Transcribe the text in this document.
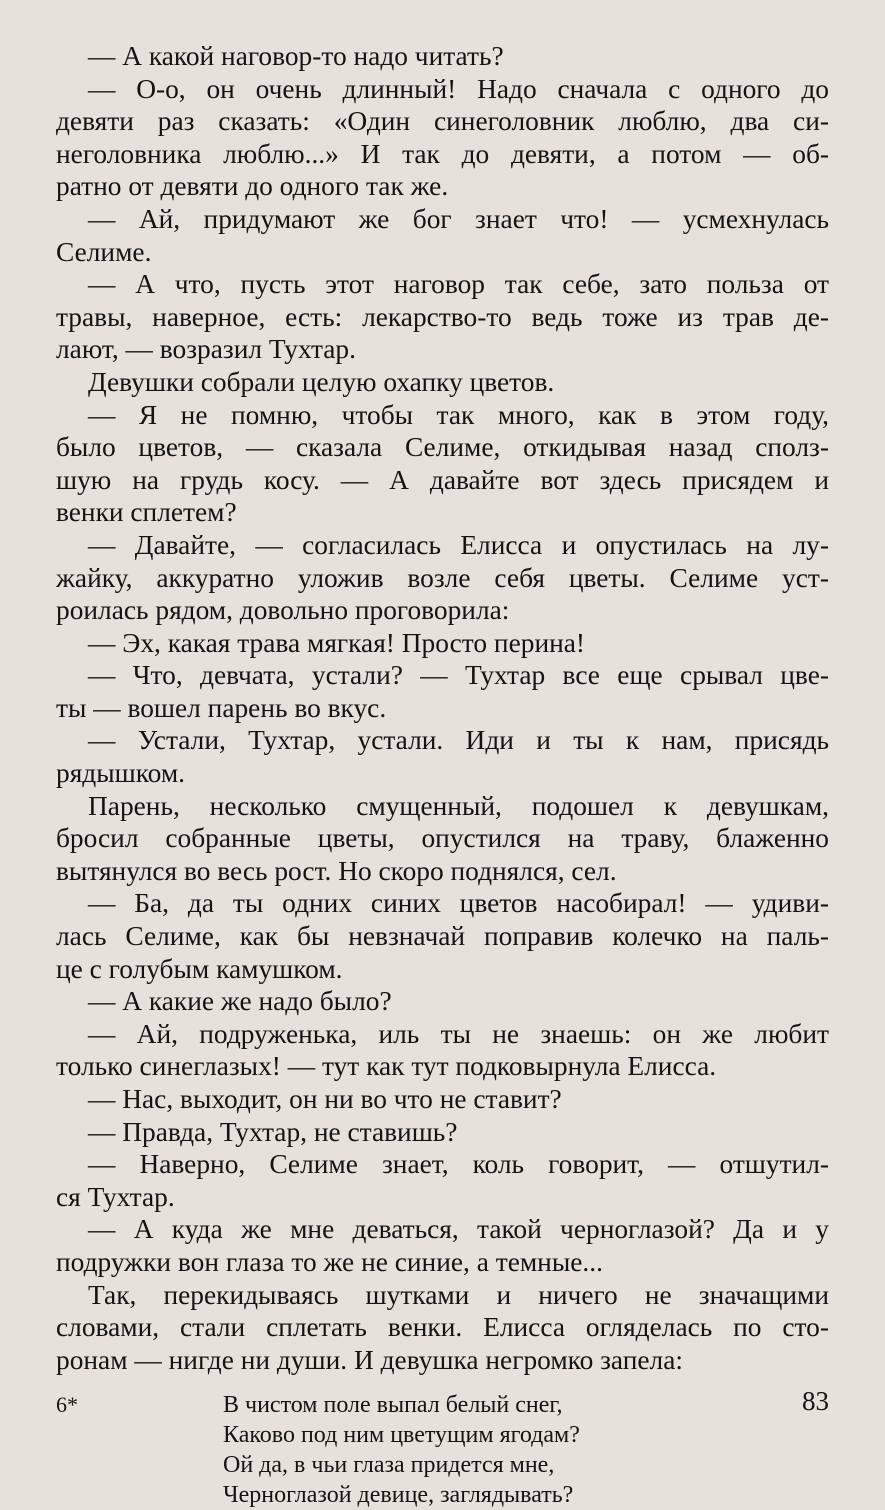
— А какой наговор-то надо читать?
— О-о, он очень длинный! Надо сначала с одного до
девяти раз сказать: «Один синеголовник люблю, два си-
неголовника люблю...» И так до девяти, а потом — об-
ратно от девяти до одного так же.
— Ай, придумают же бог знает что! — усмехнулась
Селиме.
— А что, пусть этот наговор так себе, зато польза от
травы, наверное, есть: лекарство-то ведь тоже из трав де-
лают, — возразил Тухтар.
Девушки собрали целую охапку цветов.
— Я не помню, чтобы так много, как в этом году,
было цветов, — сказала Селиме, откидывая назад сполз-
шую на грудь косу. — А давайте вот здесь присядем и
венки сплетем?
— Давайте, — согласилась Елисса и опустилась на лу-
жайку, аккуратно уложив возле себя цветы. Селиме уст-
роилась рядом, довольно проговорила:
— Эх, какая трава мягкая! Просто перина!
— Что, девчата, устали? — Тухтар все еще срывал цве-
ты — вошел парень во вкус.
— Устали, Тухтар, устали. Иди и ты к нам, присядь
рядышком.
Парень, несколько смущенный, подошел к девушкам,
бросил собранные цветы, опустился на траву, блаженно
вытянулся во весь рост. Но скоро поднялся, сел.
— Ба, да ты одних синих цветов насобирал! — удиви-
лась Селиме, как бы невзначай поправив колечко на паль-
це с голубым камушком.
— А какие же надо было?
— Ай, подруженька, иль ты не знаешь: он же любит
только синеглазых! — тут как тут подковырнула Елисса.
— Нас, выходит, он ни во что не ставит?
— Правда, Тухтар, не ставишь?
— Наверно, Селиме знает, коль говорит, — отшутил-
ся Тухтар.
— А куда же мне деваться, такой черноглазой? Да и у
подружки вон глаза то же не синие, а темные...
Так, перекидываясь шутками и ничего не значащими
словами, стали сплетать венки. Елисса огляделась по сто-
ронам — нигде ни души. И девушка негромко запела:
В чистом поле выпал белый снег,
Каково под ним цветущим ягодам?
Ой да, в чьи глаза придется мне,
Черноглазой девице, заглядывать?
6*	83
